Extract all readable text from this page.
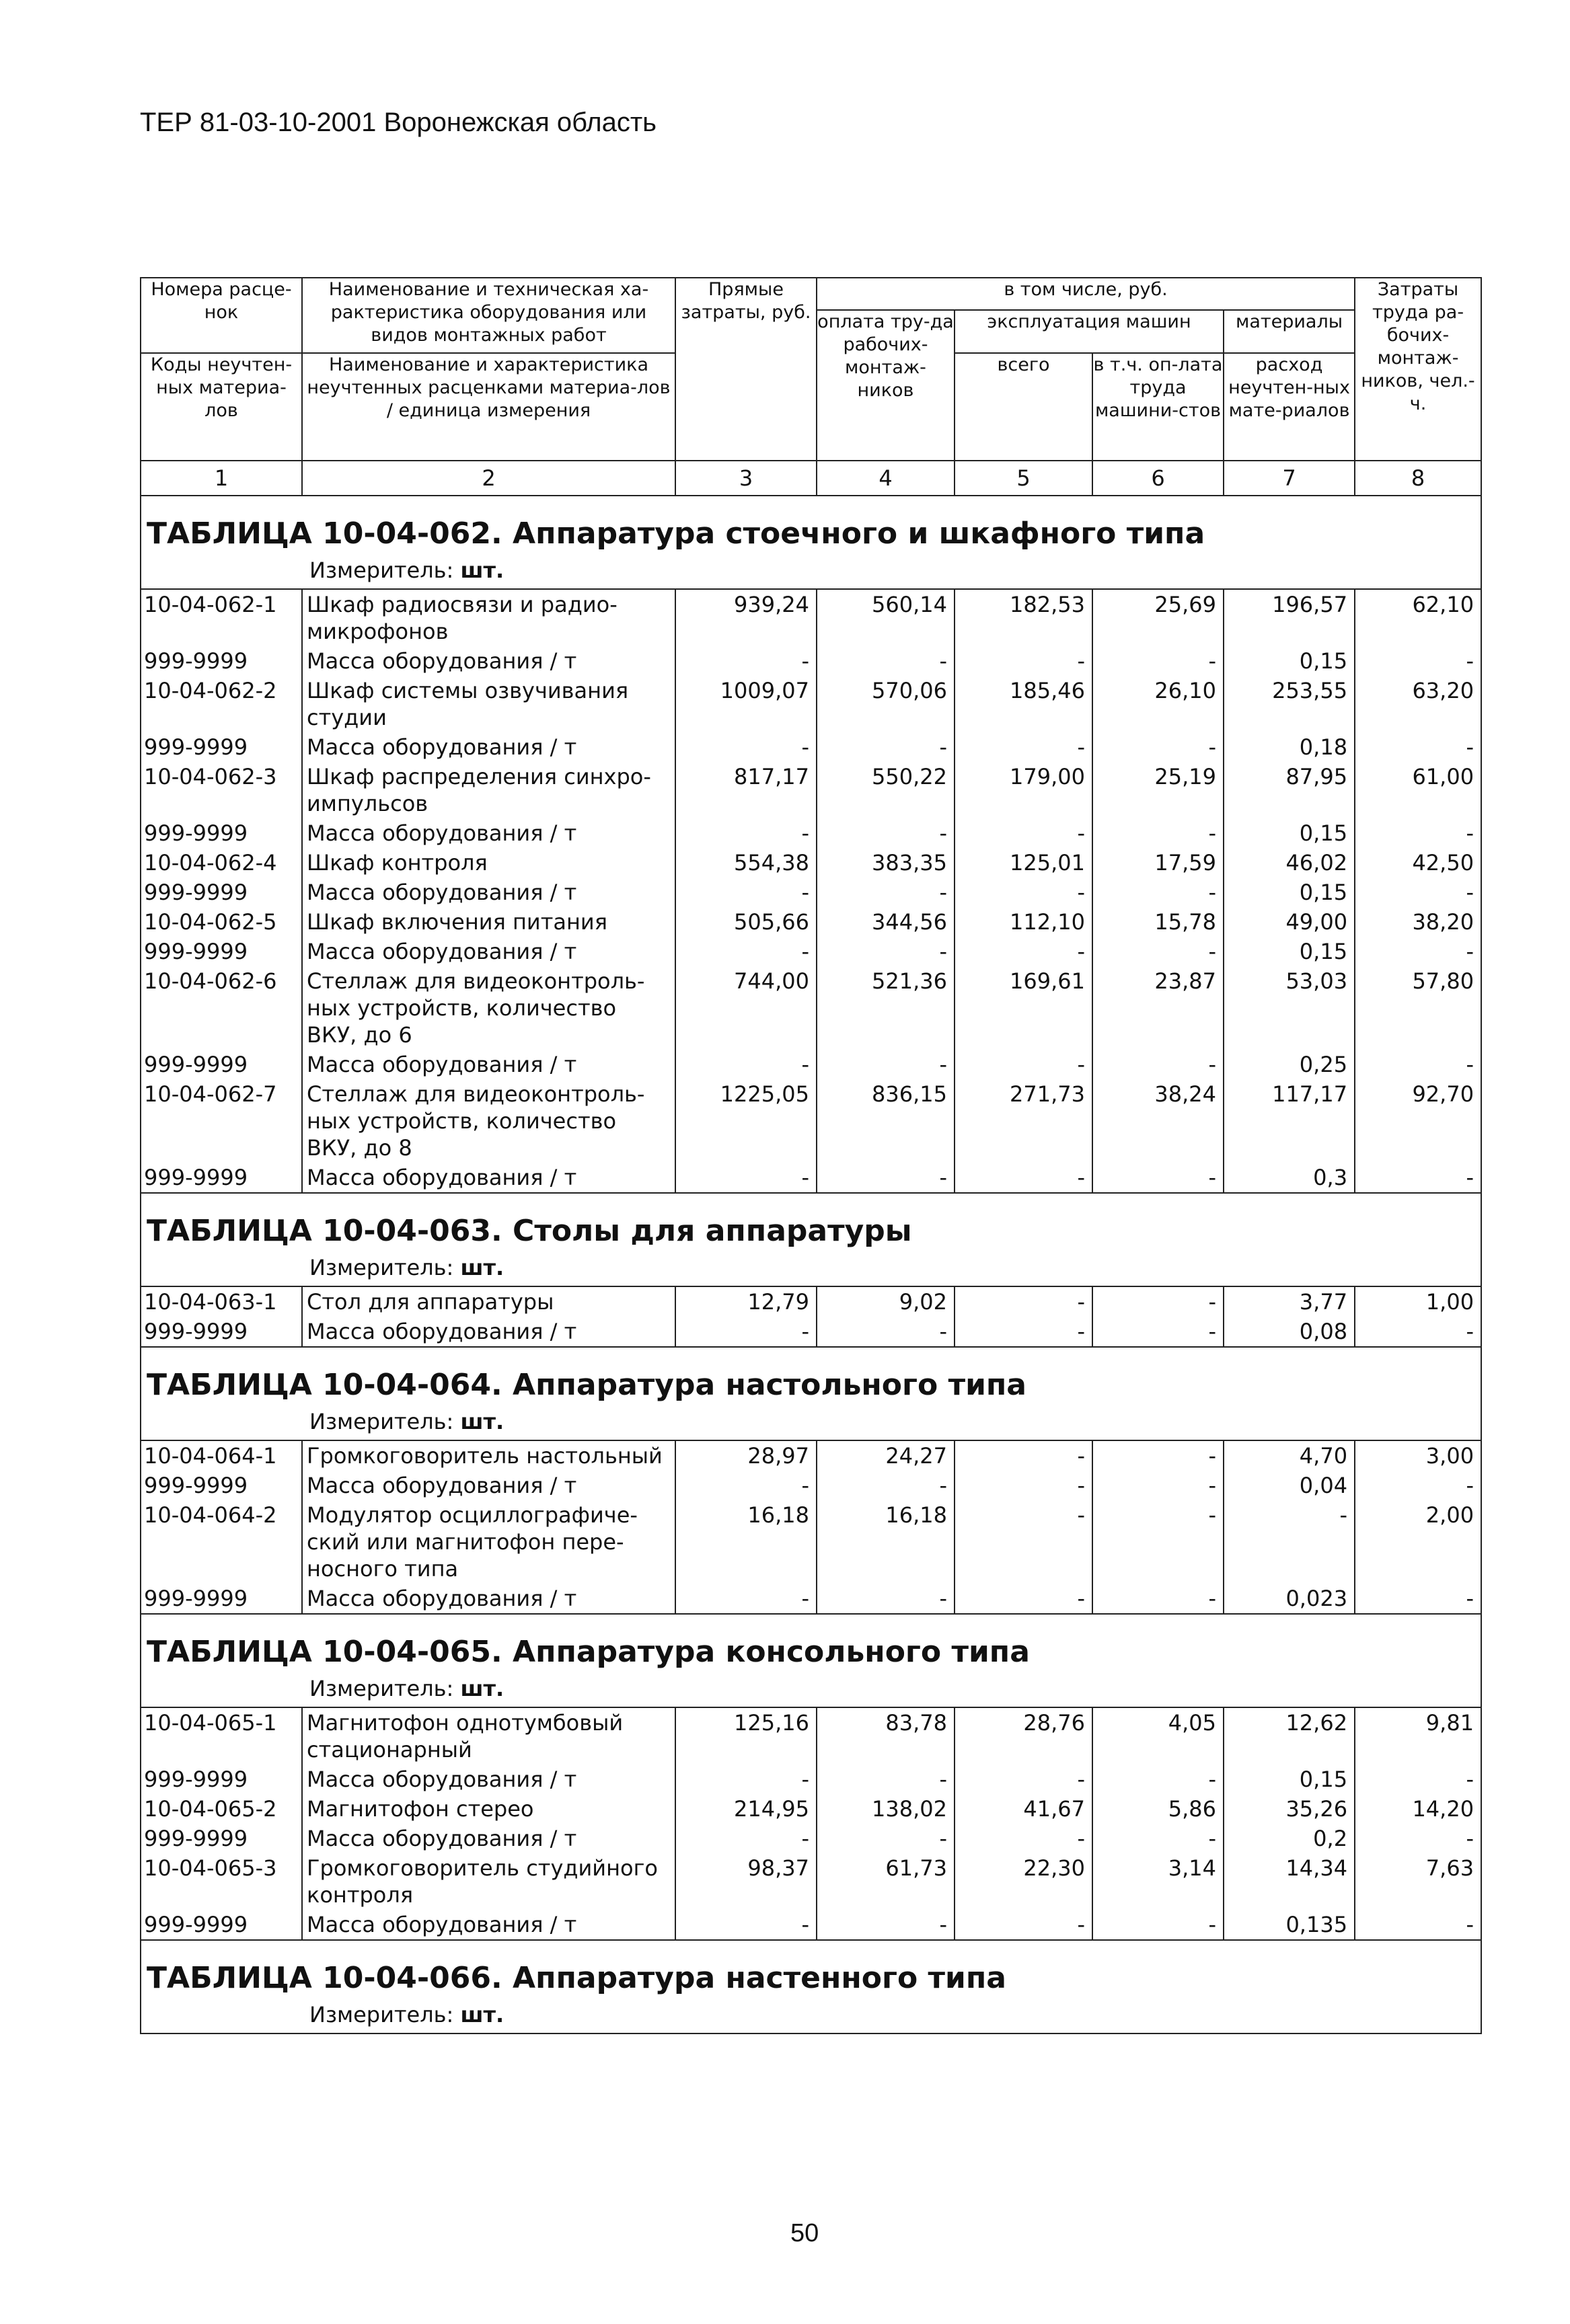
ТЕР 81-03-10-2001 Воронежская область
Номера расце-нок	Наименование и техническая ха-рактеристика оборудования или видов монтажных работ	Прямые затраты, руб.	в том числе, руб.				Затраты труда ра-бочих-монтаж-ников, чел.-ч.
			оплата тру-да рабочих-монтаж-ников	эксплуатация машин		материалы	
Коды неучтен-ных материа-лов	Наименование и характеристика неучтенных расценками материа-лов / единица измерения			всего	в т.ч. оп-лата труда машини-стов	расход неучтен-ных мате-риалов	

1	2	3	4	5	6	7	8

ТАБЛИЦА 10-04-062. Аппаратура стоечного и шкафного типа
Измеритель: шт.							

10-04-062-1	Шкаф радиосвязи и радио-микрофонов	939,24	560,14	182,53	25,69	196,57	62,10
999-9999	Масса оборудования / т	-	-	-	-	0,15	-
10-04-062-2	Шкаф системы озвучивания студии	1009,07	570,06	185,46	26,10	253,55	63,20
999-9999	Масса оборудования / т	-	-	-	-	0,18	-
10-04-062-3	Шкаф распределения синхро-импульсов	817,17	550,22	179,00	25,19	87,95	61,00
999-9999	Масса оборудования / т	-	-	-	-	0,15	-
10-04-062-4	Шкаф контроля	554,38	383,35	125,01	17,59	46,02	42,50
999-9999	Масса оборудования / т	-	-	-	-	0,15	-
10-04-062-5	Шкаф включения питания	505,66	344,56	112,10	15,78	49,00	38,20
999-9999	Масса оборудования / т	-	-	-	-	0,15	-
10-04-062-6	Стеллаж для видеоконтроль-ных устройств, количество ВКУ, до 6	744,00	521,36	169,61	23,87	53,03	57,80
999-9999	Масса оборудования / т	-	-	-	-	0,25	-
10-04-062-7	Стеллаж для видеоконтроль-ных устройств, количество ВКУ, до 8	1225,05	836,15	271,73	38,24	117,17	92,70
999-9999	Масса оборудования / т	-	-	-	-	0,3	-

ТАБЛИЦА 10-04-063. Столы для аппаратуры
Измеритель: шт.							

10-04-063-1	Стол для аппаратуры	12,79	9,02	-	-	3,77	1,00
999-9999	Масса оборудования / т	-	-	-	-	0,08	-

ТАБЛИЦА 10-04-064. Аппаратура настольного типа
Измеритель: шт.							

10-04-064-1	Громкоговоритель настольный	28,97	24,27	-	-	4,70	3,00
999-9999	Масса оборудования / т	-	-	-	-	0,04	-
10-04-064-2	Модулятор осциллографиче-ский или магнитофон пере-носного типа	16,18	16,18	-	-	-	2,00
999-9999	Масса оборудования / т	-	-	-	-	0,023	-

ТАБЛИЦА 10-04-065. Аппаратура консольного типа
Измеритель: шт.							

10-04-065-1	Магнитофон однотумбовый стационарный	125,16	83,78	28,76	4,05	12,62	9,81
999-9999	Масса оборудования / т	-	-	-	-	0,15	-
10-04-065-2	Магнитофон стерео	214,95	138,02	41,67	5,86	35,26	14,20
999-9999	Масса оборудования / т	-	-	-	-	0,2	-
10-04-065-3	Громкоговоритель студийного контроля	98,37	61,73	22,30	3,14	14,34	7,63
999-9999	Масса оборудования / т	-	-	-	-	0,135	-

ТАБЛИЦА 10-04-066. Аппаратура настенного типа
Измеритель: шт.							
50
